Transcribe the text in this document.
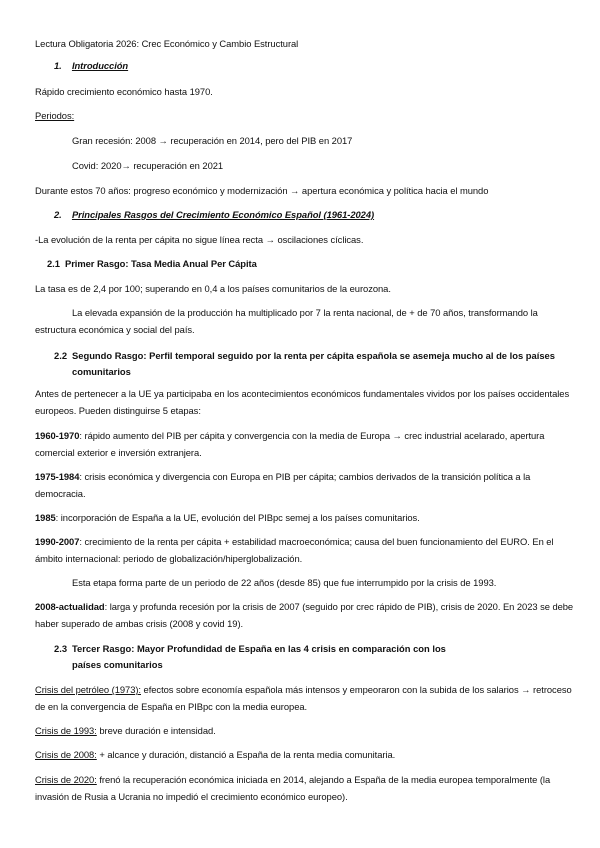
Lectura Obligatoria 2026: Crec Económico y Cambio Estructural
1. Introducción
Rápido crecimiento económico hasta 1970.
Periodos:
Gran recesión: 2008 → recuperación en 2014, pero del PIB en 2017
Covid: 2020→ recuperación en 2021
Durante estos 70 años: progreso económico y modernización → apertura económica y política hacia el mundo
2. Principales Rasgos del Crecimiento Económico Español (1961-2024)
-La evolución de la renta per cápita no sigue línea recta → oscilaciones cíclicas.
2.1 Primer Rasgo: Tasa Media Anual Per Cápita
La tasa es de 2,4 por 100; superando en 0,4 a los países comunitarios de la eurozona.
La elevada expansión de la producción ha multiplicado por 7 la renta nacional, de + de 70 años, transformando la estructura económica y social del país.
2.2 Segundo Rasgo: Perfil temporal seguido por la renta per cápita española se asemeja mucho al de los países comunitarios
Antes de pertenecer a la UE ya participaba en los acontecimientos económicos fundamentales vividos por los países occidentales europeos. Pueden distinguirse 5 etapas:
1960-1970: rápido aumento del PIB per cápita y convergencia con la media de Europa → crec industrial acelarado, apertura comercial exterior e inversión extranjera.
1975-1984: crisis económica y divergencia con Europa en PIB per cápita; cambios derivados de la transición política a la democracia.
1985: incorporación de España a la UE, evolución del PIBpc semej a los países comunitarios.
1990-2007: crecimiento de la renta per cápita + estabilidad macroeconómica; causa del buen funcionamiento del EURO. En el ámbito internacional: periodo de globalización/hiperglobalización.
Esta etapa forma parte de un periodo de 22 años (desde 85) que fue interrumpido por la crisis de 1993.
2008-actualidad: larga y profunda recesión por la crisis de 2007 (seguido por crec rápido de PIB), crisis de 2020. En 2023 se debe haber superado de ambas crisis (2008 y covid 19).
2.3 Tercer Rasgo: Mayor Profundidad de España en las 4 crisis en comparación con los países comunitarios
Crisis del petróleo (1973): efectos sobre economía española más intensos y empeoraron con la subida de los salarios → retroceso de en la convergencia de España en PIBpc con la media europea.
Crisis de 1993: breve duración e intensidad.
Crisis de 2008: + alcance y duración, distanció a España de la renta media comunitaria.
Crisis de 2020: frenó la recuperación económica iniciada en 2014, alejando a España de la media europea temporalmente (la invasión de Rusia a Ucrania no impedió el crecimiento económico europeo).
